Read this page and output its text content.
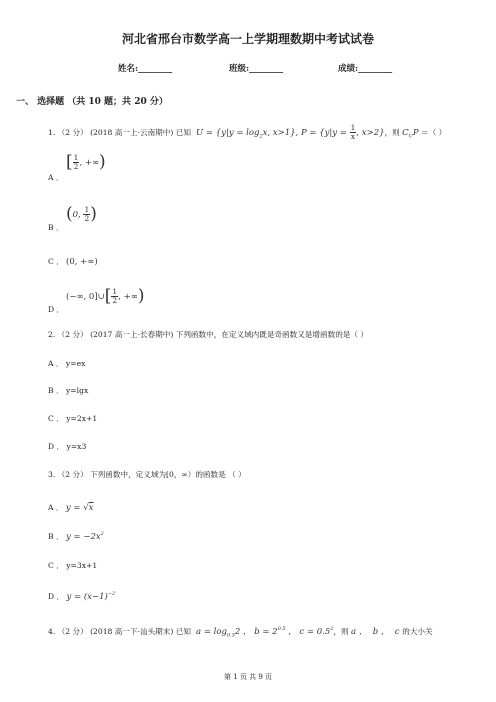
河北省邢台市数学高一上学期理数期中考试试卷
姓名:________	班级:________	成绩:________
一、 选择题 （共 10 题；共 20 分）
1. （2 分） (2018 高一上·云南期中) 已知  $U = \{y|y = \log_2x$, x>1}, $P = \{y|y = \frac{1}{x}$ , x>2}，则 $C_UP$ ＝（ ）
A ．
[ $\frac{1}{2}$ , +∞)
B ．
(0, $\frac{1}{2}$ )
C ． (0, +∞)
D ．
(−∞, 0]∪[ $\frac{1}{2}$ , +∞)
2. （2 分） (2017 高一上·长春期中) 下列函数中，在定义域内既是奇函数又是增函数的是（ ）
A ． y=ex
B ． y=lgx
C ． y=2x+1
D ． y=x3
3. （2 分） 下列函数中，定义域为[0，∞）的函数是 （ ）
A ． y = √x
B ． $y = -2x^2$
C ． y=3x+1
D ． $y = (x-1)^{-2}$
4. （2 分） (2018 高一下·汕头期末) 已知  $a = \log_{0.5}2$ ， $b = 2^{0.5}$ ， $c = 0.5^2$，则 a ，  b ，  c 的大小关
第 1 页 共 9 页
